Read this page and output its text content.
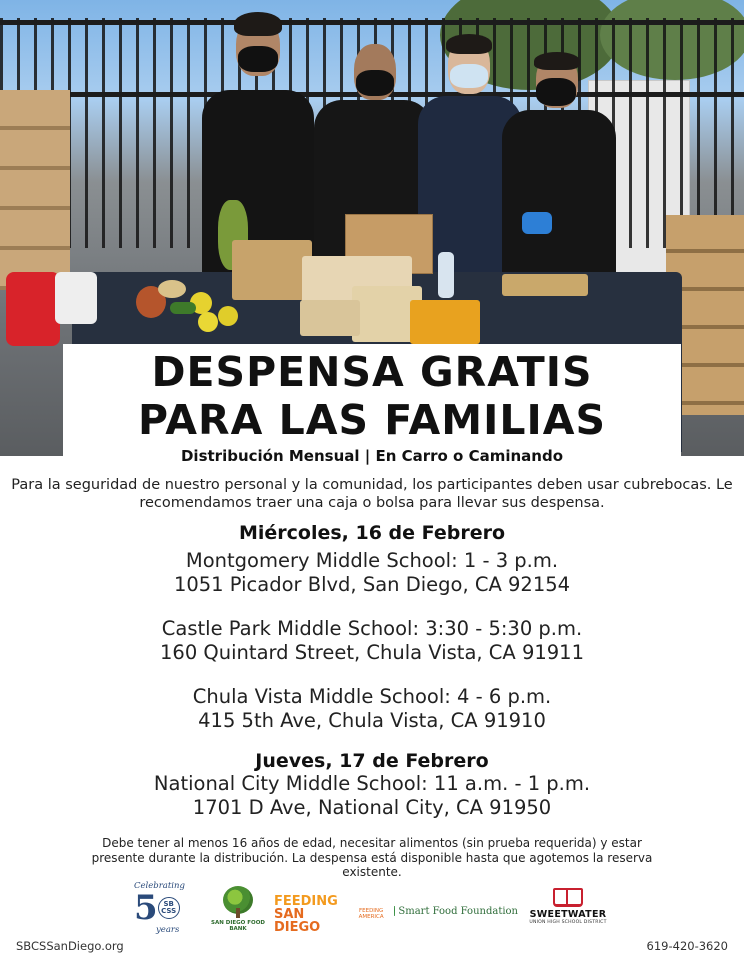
DESPENSA GRATIS
PARA LAS FAMILIAS
Distribución Mensual | En Carro o Caminando
Para la seguridad de nuestro personal y la comunidad, los participantes deben usar cubrebocas. Le recomendamos traer una caja o bolsa para llevar sus despensa.
Miércoles, 16 de Febrero
Montgomery Middle School: 1 - 3 p.m.
1051 Picador Blvd, San Diego, CA 92154
Castle Park Middle School: 3:30 - 5:30 p.m.
160 Quintard Street, Chula Vista, CA 91911
Chula Vista Middle School: 4 - 6 p.m.
415 5th Ave, Chula Vista, CA 91910
Jueves, 17 de Febrero
National City Middle School: 11 a.m. - 1 p.m.
1701 D Ave, National City, CA 91950
Debe tener al menos 16 años de edad, necesitar alimentos (sin prueba requerida) y estar presente durante la distribución. La despensa está disponible hasta que agotemos la reserva existente.
Celebrating
5 SB CSS
years
SAN DIEGO FOOD BANK
FEEDING
SAN DIEGO
FEEDING AMERICA
Smart Food Foundation SWEETWATER
UNION HIGH SCHOOL DISTRICT
SBCSSanDiego.org	619-420-3620
